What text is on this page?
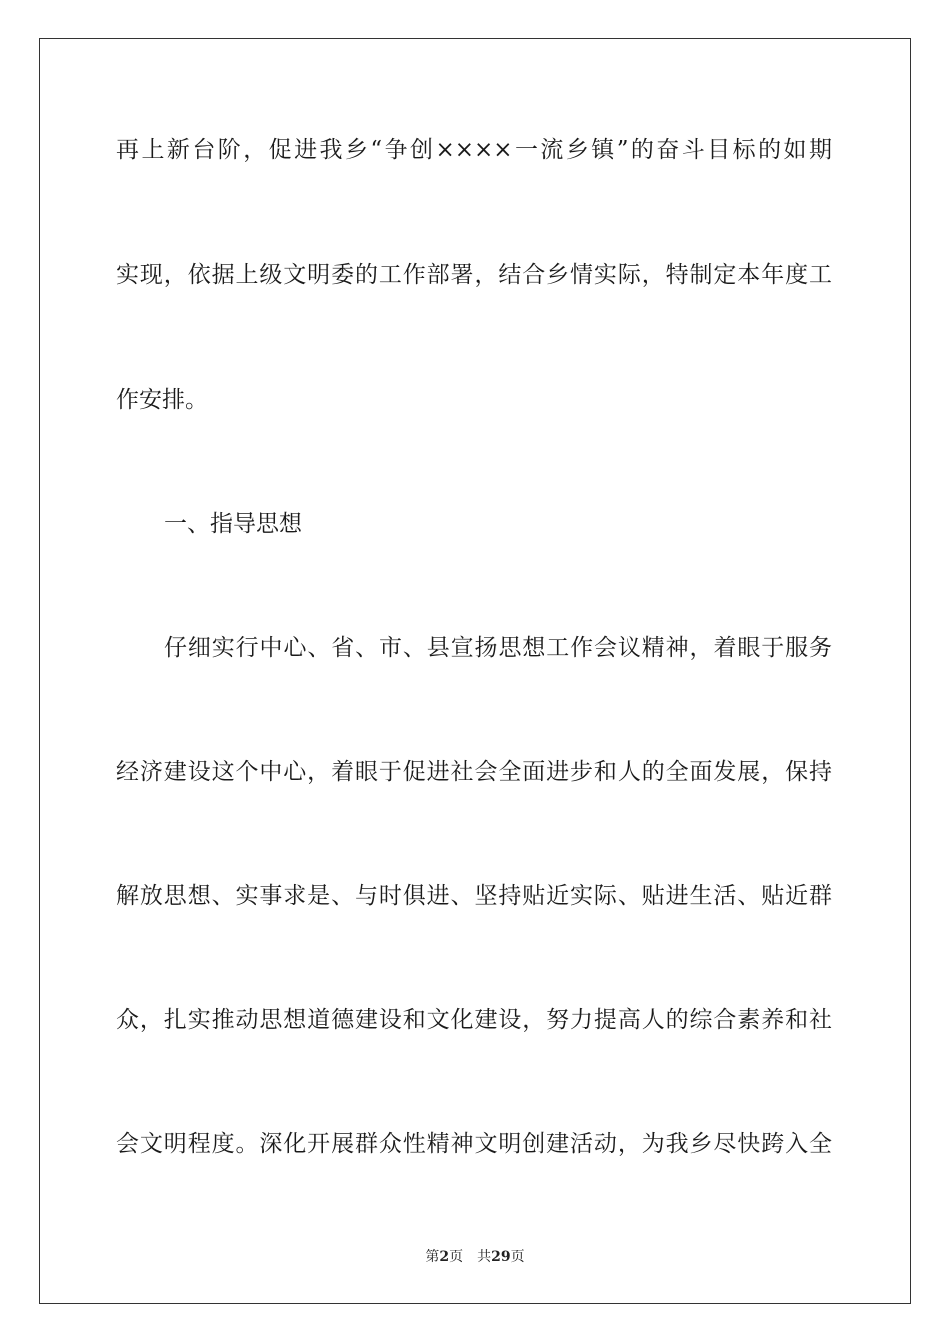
再上新台阶，促进我乡“争创××××一流乡镇”的奋斗目标的如期
实现，依据上级文明委的工作部署，结合乡情实际，特制定本年度工
作安排。
一、指导思想
仔细实行中心、省、市、县宣扬思想工作会议精神，着眼于服务
经济建设这个中心，着眼于促进社会全面进步和人的全面发展，保持
解放思想、实事求是、与时俱进、坚持贴近实际、贴进生活、贴近群
众，扎实推动思想道德建设和文化建设，努力提高人的综合素养和社
会文明程度。深化开展群众性精神文明创建活动，为我乡尽快跨入全
第2页 共29页
